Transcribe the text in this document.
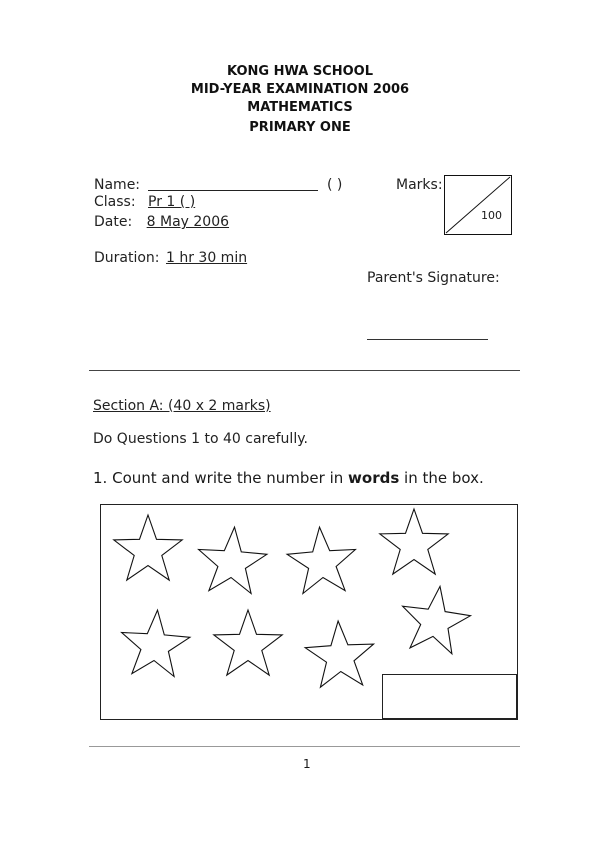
KONG HWA SCHOOL
MID-YEAR EXAMINATION 2006
MATHEMATICS
PRIMARY ONE
Name:	( )
Class: Pr 1 ( )
Date: 8 May 2006
Duration: 1 hr 30 min
Marks:
100
Parent's Signature:
Section A: (40 x 2 marks)
Do Questions 1 to 40 carefully.
1. Count and write the number in words in the box.
1
